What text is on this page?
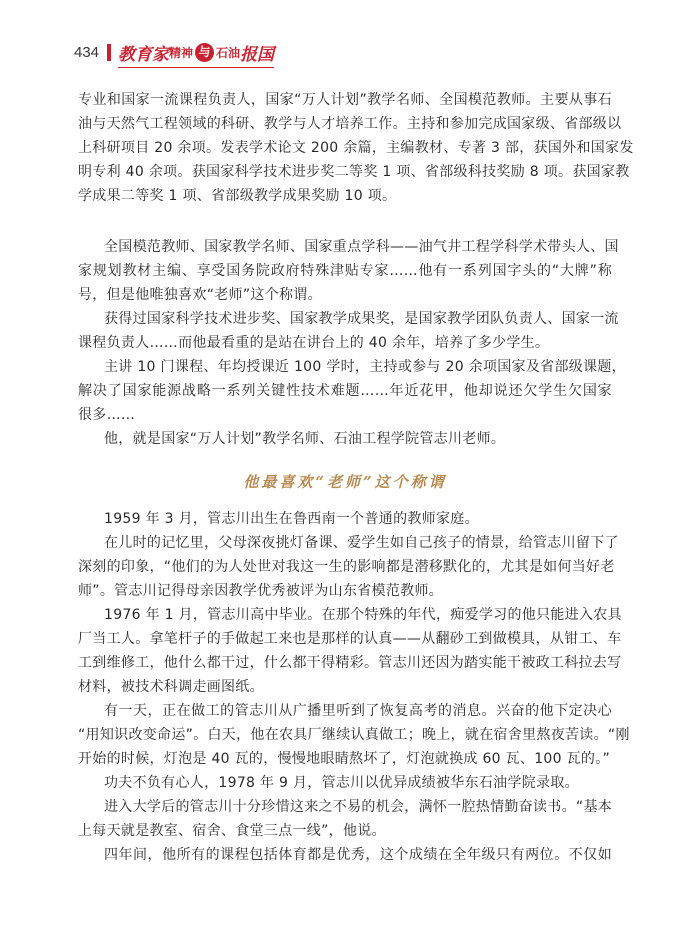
434 教育家 精神 与 石油 报国
专业和国家一流课程负责人，国家“万人计划”教学名师、全国模范教师。主要从事石
油与天然气工程领域的科研、教学与人才培养工作。主持和参加完成国家级、省部级以
上科研项目 20 余项。发表学术论文 200 余篇，主编教材、专著 3 部，获国外和国家发
明专利 40 余项。获国家科学技术进步奖二等奖 1 项、省部级科技奖励 8 项。获国家教
学成果二等奖 1 项、省部级教学成果奖励 10 项。
全国模范教师、国家教学名师、国家重点学科——油气井工程学科学术带头人、国
家规划教材主编、享受国务院政府特殊津贴专家……他有一系列国字头的“大牌”称
号，但是他唯独喜欢“老师”这个称谓。
获得过国家科学技术进步奖、国家教学成果奖，是国家教学团队负责人、国家一流
课程负责人……而他最看重的是站在讲台上的 40 余年，培养了多少学生。
主讲 10 门课程、年均授课近 100 学时，主持或参与 20 余项国家及省部级课题，
解决了国家能源战略一系列关键性技术难题……年近花甲，他却说还欠学生欠国家
很多……
他，就是国家“万人计划”教学名师、石油工程学院管志川老师。
他最喜欢“老师”这个称谓
1959 年 3 月，管志川出生在鲁西南一个普通的教师家庭。
在儿时的记忆里，父母深夜挑灯备课、爱学生如自己孩子的情景，给管志川留下了
深刻的印象，“他们的为人处世对我这一生的影响都是潜移默化的，尤其是如何当好老
师”。管志川记得母亲因教学优秀被评为山东省模范教师。
1976 年 1 月，管志川高中毕业。在那个特殊的年代，痴爱学习的他只能进入农具
厂当工人。拿笔杆子的手做起工来也是那样的认真——从翻砂工到做模具，从钳工、车
工到维修工，他什么都干过，什么都干得精彩。管志川还因为踏实能干被政工科拉去写
材料，被技术科调走画图纸。
有一天，正在做工的管志川从广播里听到了恢复高考的消息。兴奋的他下定决心
“用知识改变命运”。白天，他在农具厂继续认真做工；晚上，就在宿舍里熬夜苦读。“刚
开始的时候，灯泡是 40 瓦的，慢慢地眼睛熬坏了，灯泡就换成 60 瓦、100 瓦的。”
功夫不负有心人，1978 年 9 月，管志川以优异成绩被华东石油学院录取。
进入大学后的管志川十分珍惜这来之不易的机会，满怀一腔热情勤奋读书。“基本
上每天就是教室、宿舍、食堂三点一线”，他说。
四年间，他所有的课程包括体育都是优秀，这个成绩在全年级只有两位。不仅如
